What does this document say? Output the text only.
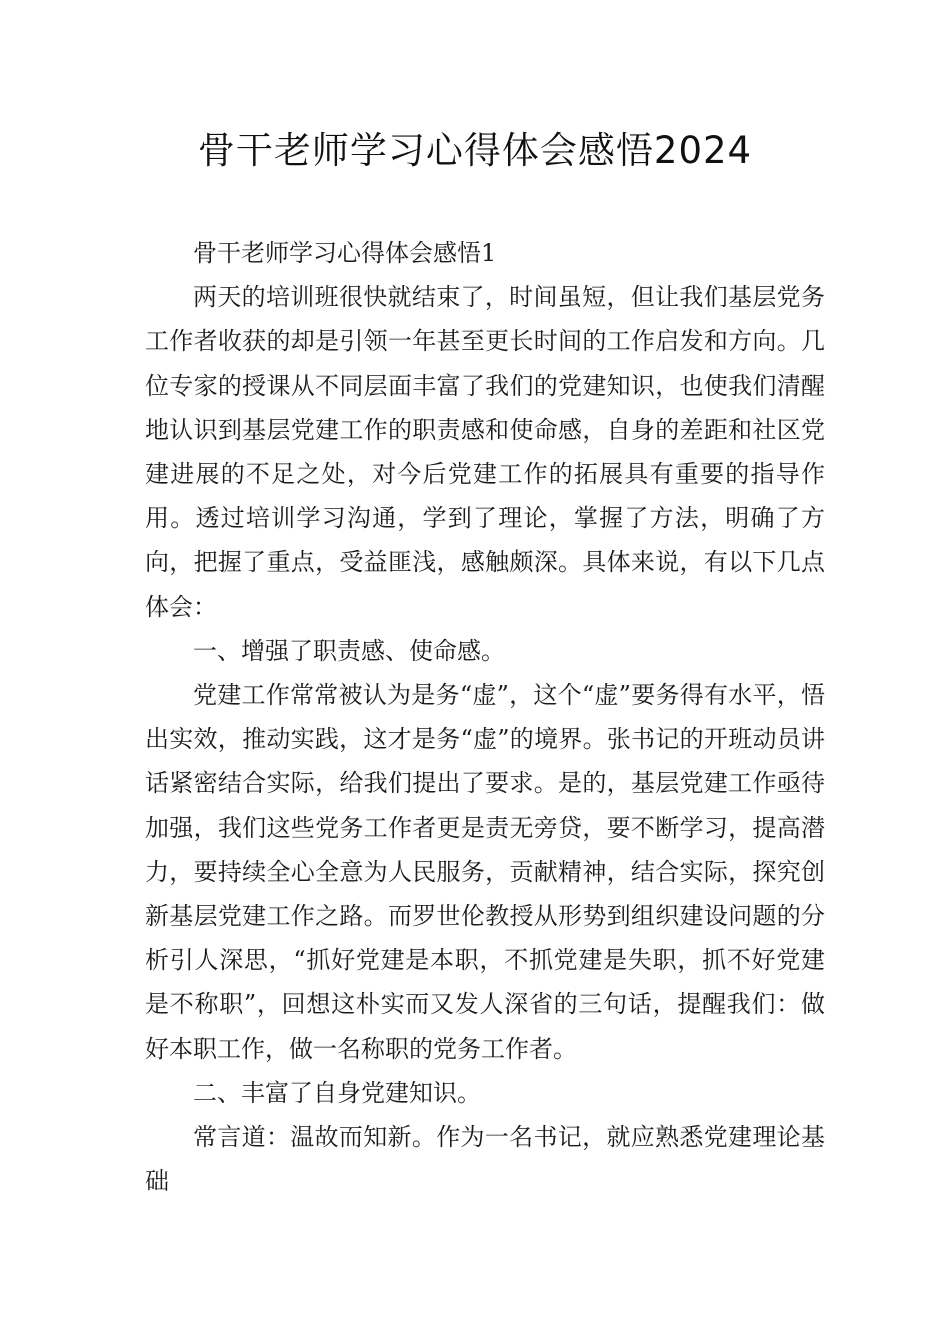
骨干老师学习心得体会感悟2024

骨干老师学习心得体会感悟1

两天的培训班很快就结束了，时间虽短，但让我们基层党务工作者收获的却是引领一年甚至更长时间的工作启发和方向。几位专家的授课从不同层面丰富了我们的党建知识，也使我们清醒地认识到基层党建工作的职责感和使命感，自身的差距和社区党建进展的不足之处，对今后党建工作的拓展具有重要的指导作用。透过培训学习沟通，学到了理论，掌握了方法，明确了方向，把握了重点，受益匪浅，感触颇深。具体来说，有以下几点体会：

一、增强了职责感、使命感。

党建工作常常被认为是务“虚”，这个“虚”要务得有水平，悟出实效，推动实践，这才是务“虚”的境界。张书记的开班动员讲话紧密结合实际，给我们提出了要求。是的，基层党建工作亟待加强，我们这些党务工作者更是责无旁贷，要不断学习，提高潜力，要持续全心全意为人民服务，贡献精神，结合实际，探究创新基层党建工作之路。而罗世伦教授从形势到组织建设问题的分析引人深思，“抓好党建是本职，不抓党建是失职，抓不好党建是不称职”，回想这朴实而又发人深省的三句话，提醒我们：做好本职工作，做一名称职的党务工作者。

二、丰富了自身党建知识。

常言道：温故而知新。作为一名书记，就应熟悉党建理论基础
